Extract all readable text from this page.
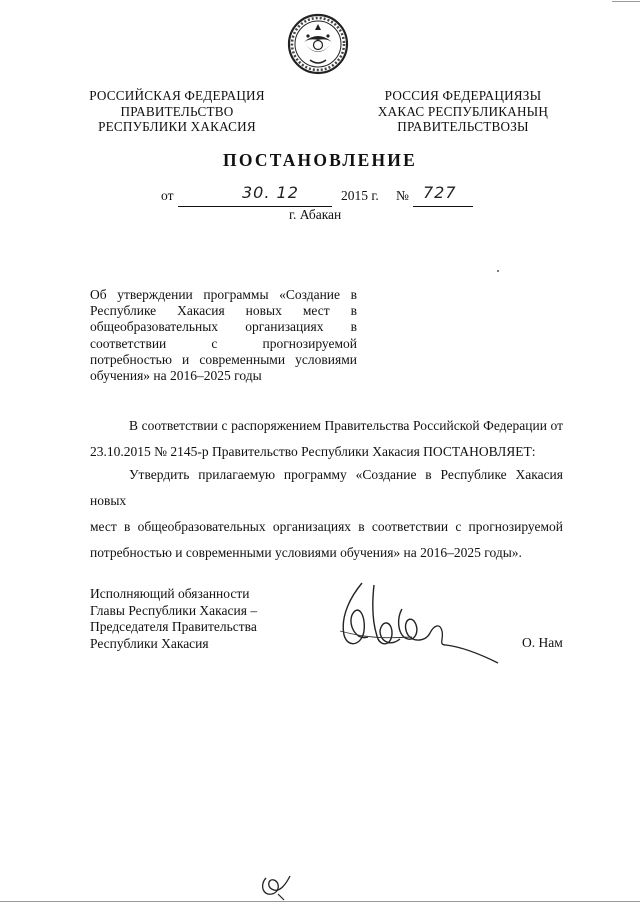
РОССИЙСКАЯ ФЕДЕРАЦИЯ
ПРАВИТЕЛЬСТВО
РЕСПУБЛИКИ ХАКАСИЯ
РОССИЯ ФЕДЕРАЦИЯЗЫ
ХАКАС РЕСПУБЛИКАНЫҢ
ПРАВИТЕЛЬСТВОЗЫ
ПОСТАНОВЛЕНИЕ
от	30. 12	2015 г. № 727
г. Абакан
Об утверждении программы «Создание в
Республике Хакасия новых мест в
общеобразовательных организациях в
соответствии с прогнозируемой
потребностью и современными условиями
обучения» на 2016–2025 годы
В соответствии с распоряжением Правительства Российской Федерации от
23.10.2015 № 2145-р Правительство Республики Хакасия ПОСТАНОВЛЯЕТ:
Утвердить прилагаемую программу «Создание в Республике Хакасия новых
мест в общеобразовательных организациях в соответствии с прогнозируемой
потребностью и современными условиями обучения» на 2016–2025 годы».
Исполняющий обязанности
Главы Республики Хакасия –
Председателя Правительства
Республики Хакасия	О. Нам
